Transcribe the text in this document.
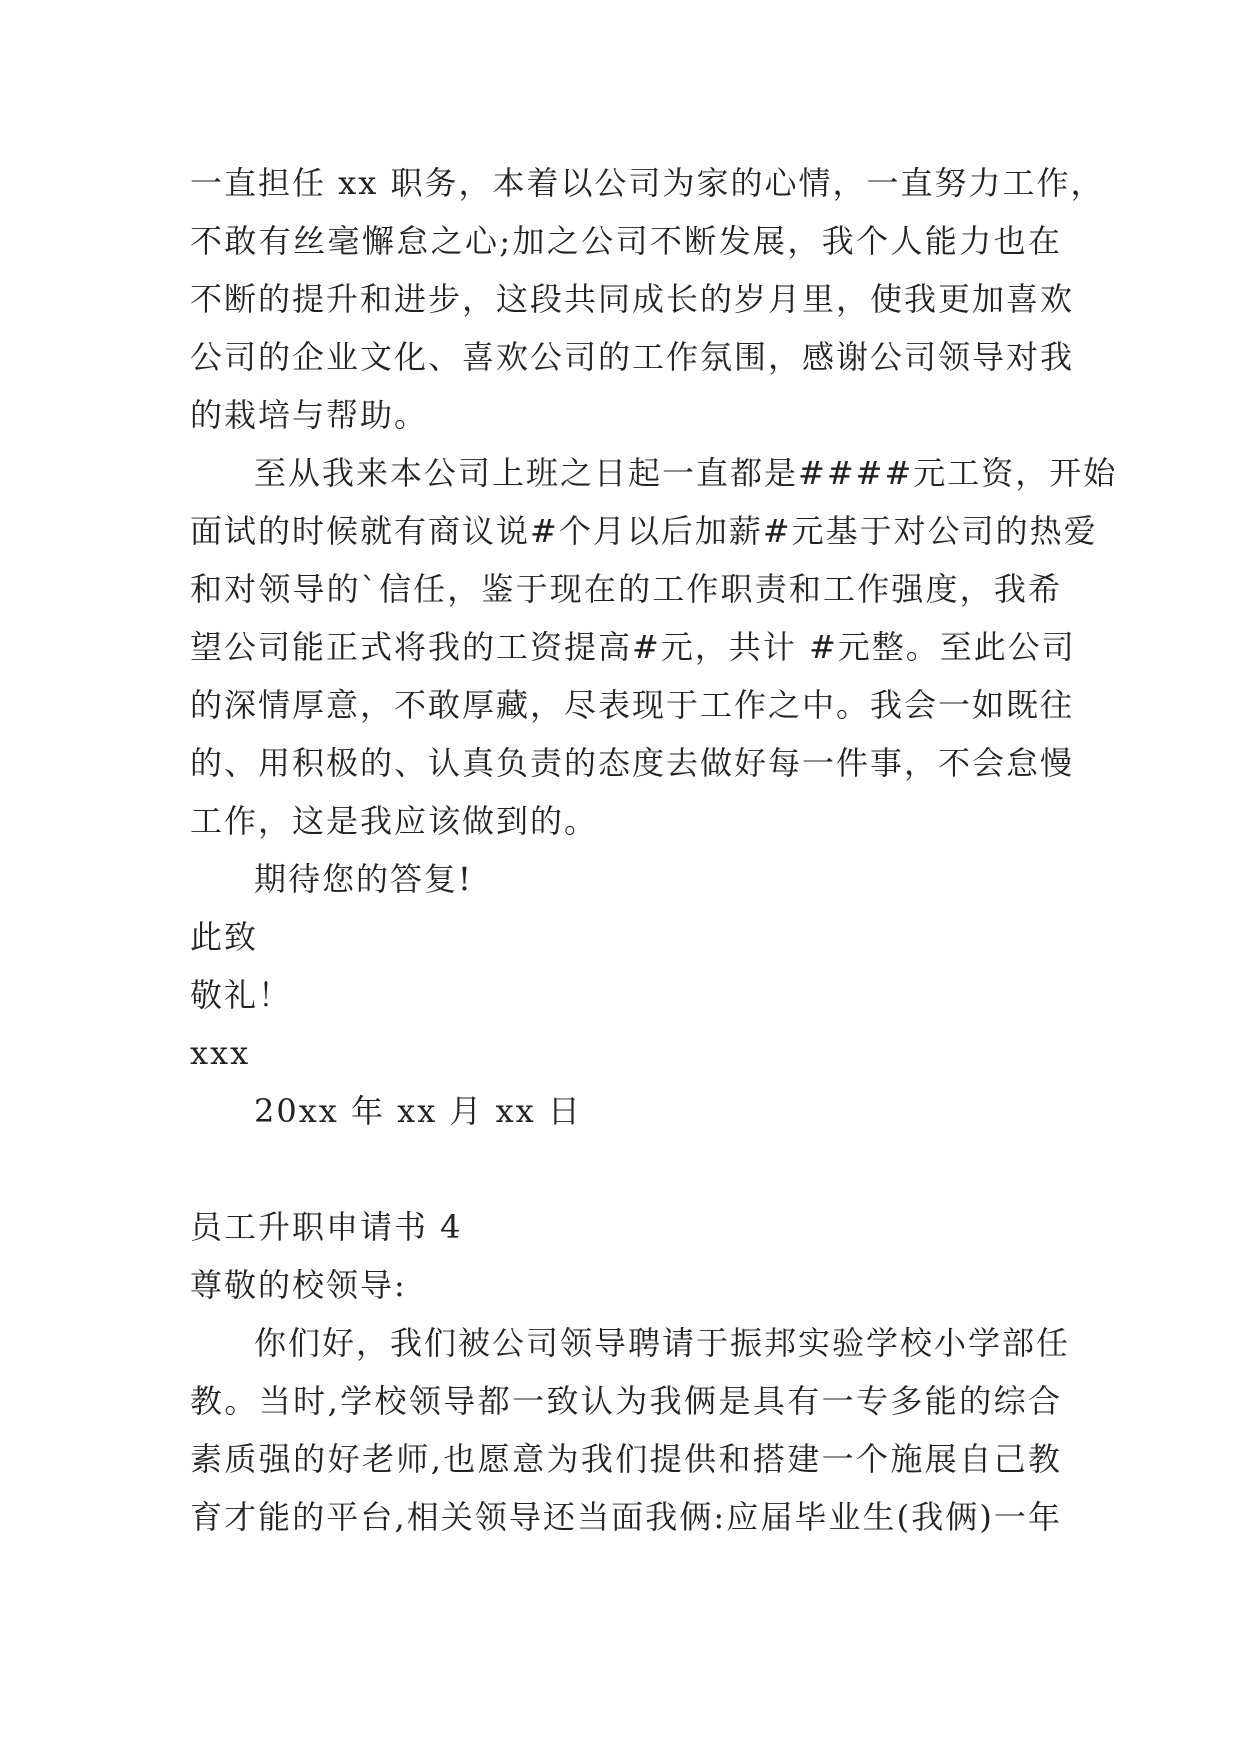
一直担任 xx 职务，本着以公司为家的心情，一直努力工作，
不敢有丝毫懈怠之心;加之公司不断发展，我个人能力也在
不断的提升和进步，这段共同成长的岁月里，使我更加喜欢
公司的企业文化、喜欢公司的工作氛围，感谢公司领导对我
的栽培与帮助。
至从我来本公司上班之日起一直都是####元工资，开始
面试的时候就有商议说#个月以后加薪#元基于对公司的热爱
和对领导的`信任，鉴于现在的工作职责和工作强度，我希
望公司能正式将我的工资提高#元，共计 #元整。至此公司
的深情厚意，不敢厚藏，尽表现于工作之中。我会一如既往
的、用积极的、认真负责的态度去做好每一件事，不会怠慢
工作，这是我应该做到的。
期待您的答复!
此致
敬礼！
xxx
20xx 年 xx 月 xx 日
员工升职申请书 4
尊敬的校领导:
你们好，我们被公司领导聘请于振邦实验学校小学部任
教。当时,学校领导都一致认为我俩是具有一专多能的综合
素质强的好老师,也愿意为我们提供和搭建一个施展自己教
育才能的平台,相关领导还当面我俩:应届毕业生(我俩)一年
